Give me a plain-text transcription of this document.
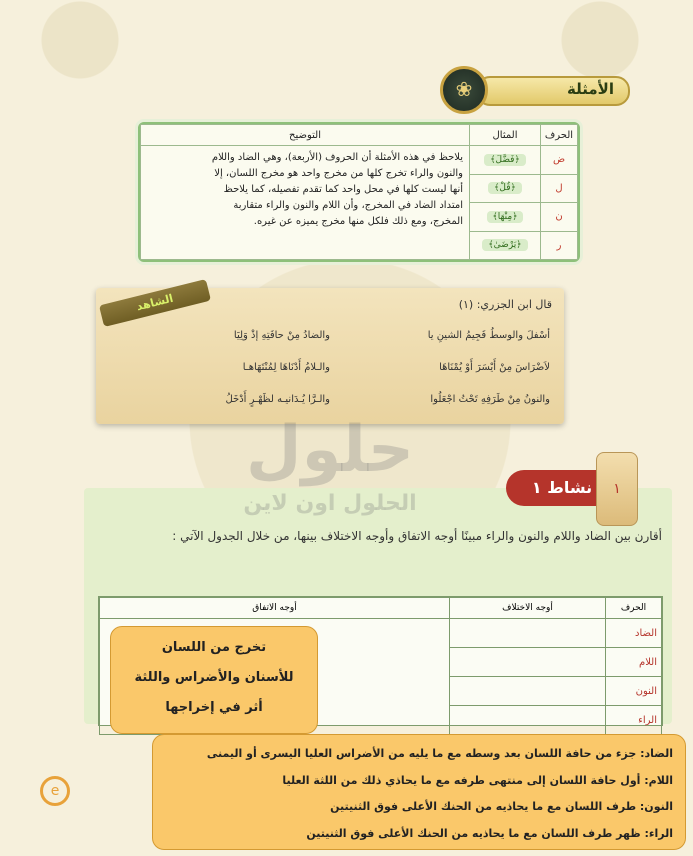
الأمثلة
❀
الحرف	المثال	التوضيح
ض	﴿فَضَّلَ﴾	يلاحظ في هذه الأمثلة أن الحروف (الأربعة)، وهي الضاد واللام
والنون والراء تخرج كلها من مخرج واحد هو مخرج اللسان، إلا
أنها ليست كلها في محل واحد كما تقدم تفصيله، كما يلاحظ
امتداد الضاد في المخرج، وأن اللام والنون والراء متقاربة
المخرج، ومع ذلك فلكل منها مخرج يميزه عن غيره.

ل	﴿قُلْ﴾	
ن	﴿مِنْهَا﴾	
ر	﴿يَرْضَىٰ﴾	
قال ابن الجزري: (١)
أسْفلَ والوسطُ فَجِيمُ الشينِ يا
والضادُ مِنْ حافَتِهِ إذْ وَلِيَا
لاَضْرَاسَ مِنْ أَيْسَرَ أَوْ يُمْنَاهَا
والـلامُ أَدْنَاهَا لِمُنْتَهَاهـا
والنونُ مِنْ طَرَفِهِ تَحْتُ اجْعَلُوا
والـرَّا يُـدَانيـه لظَهْـرٍ أَدْخَلُ
الشاهد
أقارن بين الضاد واللام والنون والراء مبينًا أوجه الاتفاق وأوجه الاختلاف بينها، من خلال الجدول الآتي :
الحرف	أوجه الاختلاف	أوجه الاتفاق
الضاد		
اللام		
النون		
الراء		
حلول
الحلول اون لاين
نشاط ١	١
تخرج من اللسان
للأسنان والأضراس واللثة
أثر في إخراجها
الضاد: جزء من حافة اللسان بعد وسطه مع ما يليه من الأضراس العليا اليسرى أو اليمنى
اللام: أول حافة اللسان إلى منتهى طرفه مع ما يحاذي ذلك من اللثة العليا
النون: طرف اللسان مع ما يحاذيه من الحنك الأعلى فوق الثنيتين
الراء: ظهر طرف اللسان مع ما يحاذيه من الحنك الأعلى فوق الثنيتين
e
